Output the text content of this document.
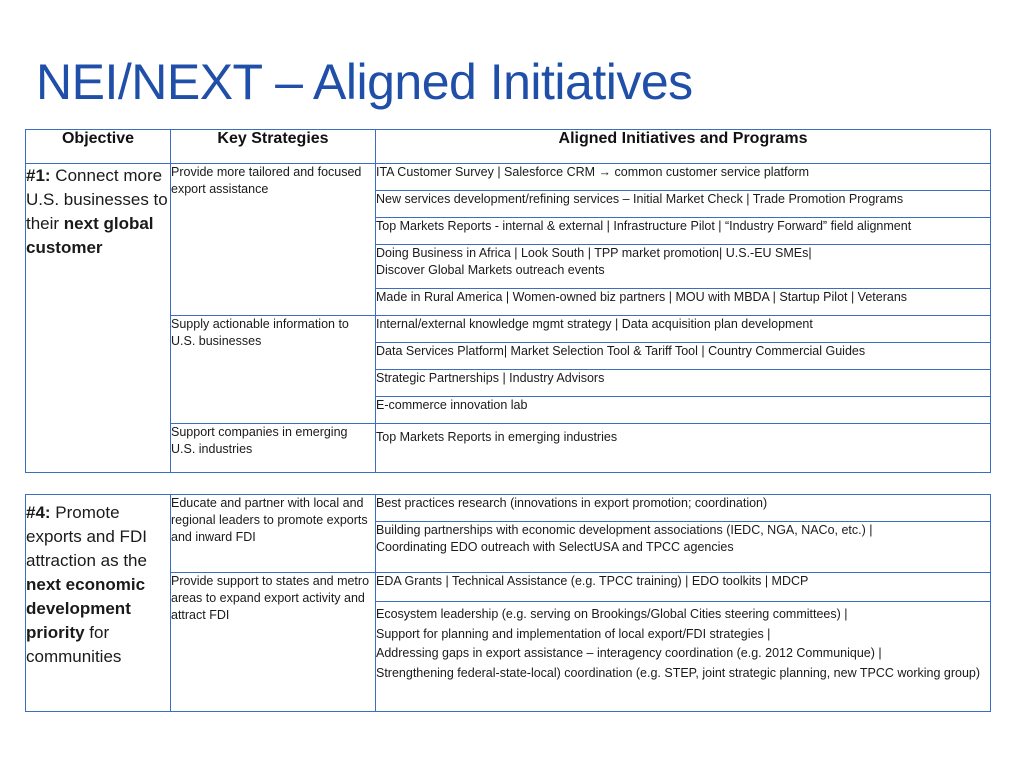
NEI/NEXT – Aligned Initiatives
Objective	Key Strategies	Aligned Initiatives and Programs
#1: Connect more U.S. businesses to their next global customer	Provide more tailored and focused export assistance	ITA Customer Survey | Salesforce CRM → common customer service platform
		New services development/refining services – Initial Market Check | Trade Promotion Programs
		Top Markets Reports - internal & external | Infrastructure Pilot | “Industry Forward” field alignment

		Doing Business in Africa | Look South | TPP market promotion| U.S.-EU SMEs|
Discover Global Markets outreach events

		Made in Rural America | Women-owned biz partners | MOU with MBDA | Startup Pilot | Veterans
	Supply actionable information to U.S. businesses	Internal/external knowledge mgmt strategy | Data acquisition plan development
		Data Services Platform| Market Selection Tool & Tariff Tool | Country Commercial Guides
		Strategic Partnerships | Industry Advisors
		E-commerce innovation lab
	Support companies in emerging U.S. industries	Top Markets Reports in emerging industries
#4: Promote exports and FDI attraction as the next economic development priority for communities	Educate and partner with local and regional leaders to promote exports and inward FDI	Best practices research (innovations in export promotion; coordination)

		Building partnerships with economic development associations (IEDC, NGA, NACo, etc.) |
Coordinating EDO outreach with SelectUSA and TPCC agencies

	Provide support to states and metro areas to expand export activity and attract FDI	EDA Grants | Technical Assistance (e.g. TPCC training) | EDO toolkits | MDCP

		Ecosystem leadership (e.g. serving on Brookings/Global Cities steering committees) |
Support for planning and implementation of local export/FDI strategies |
Addressing gaps in export assistance – interagency coordination (e.g. 2012 Communique) |
Strengthening federal-state-local) coordination (e.g. STEP, joint strategic planning, new TPCC working group)
